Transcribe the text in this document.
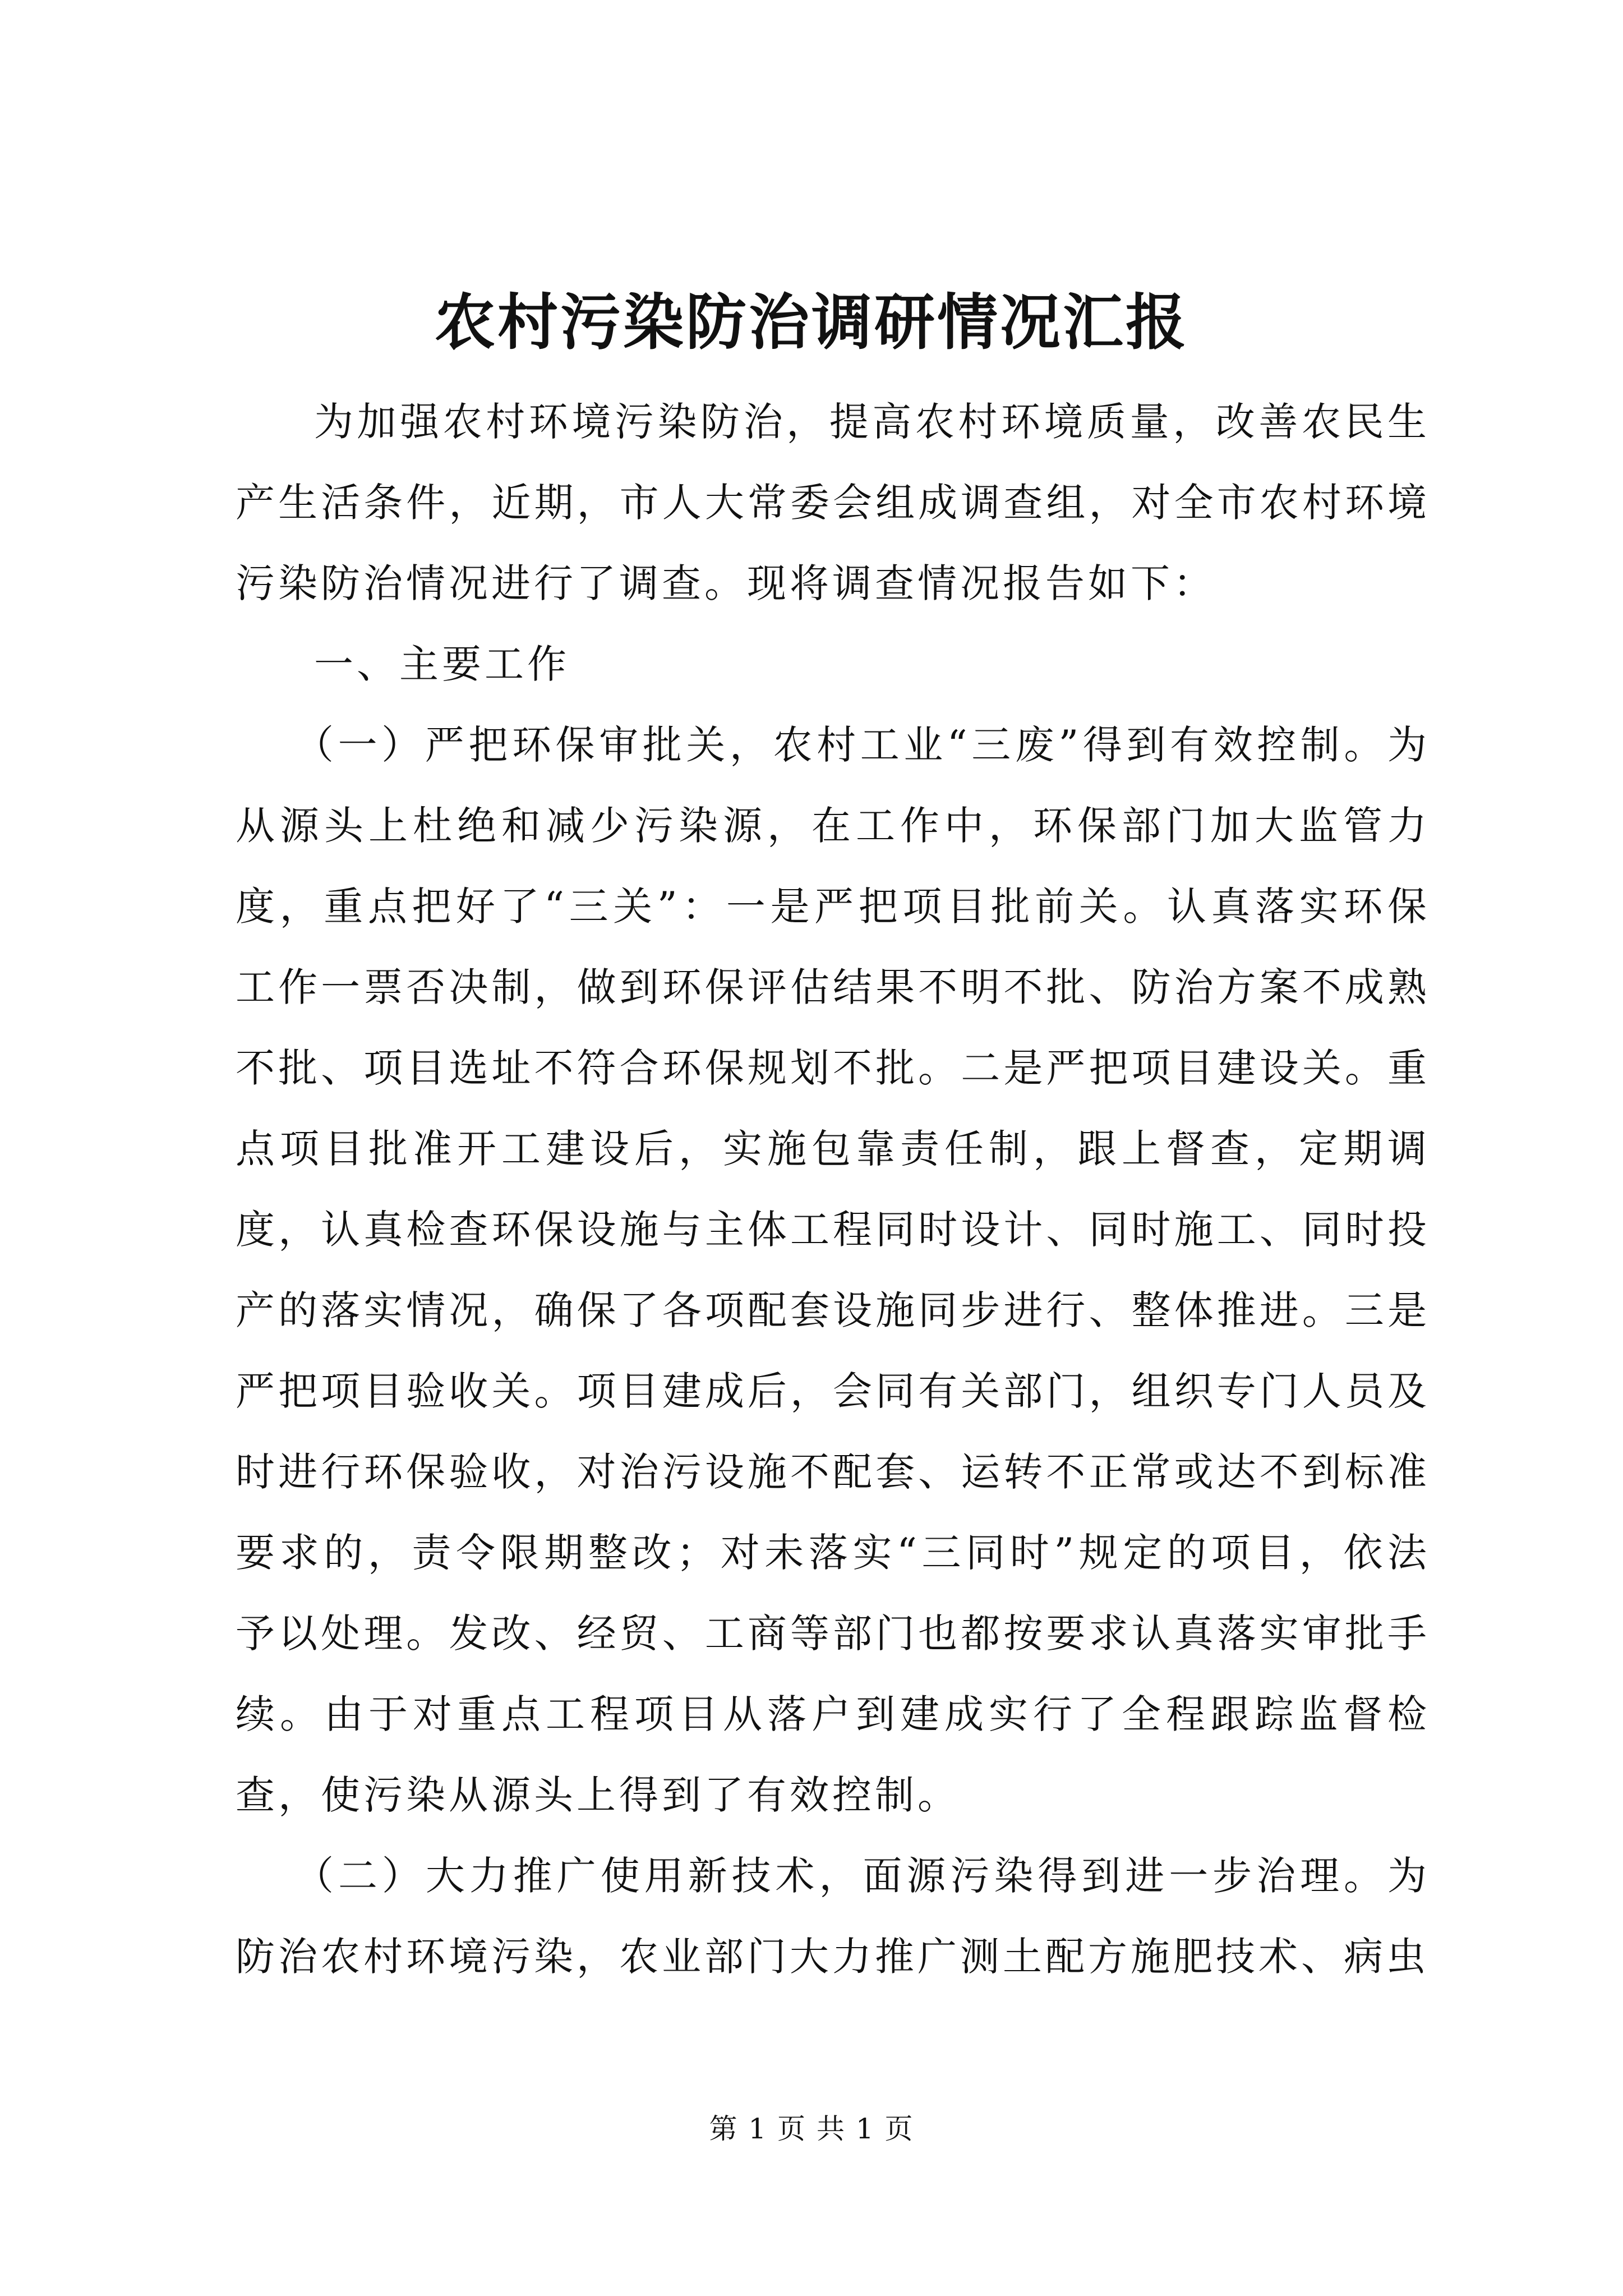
农村污染防治调研情况汇报

为加强农村环境污染防治，提高农村环境质量，改善农民生产生活条件，近期，市人大常委会组成调查组，对全市农村环境污染防治情况进行了调查。现将调查情况报告如下：

一、主要工作

（一）严把环保审批关，农村工业“三废”得到有效控制。为从源头上杜绝和减少污染源，在工作中，环保部门加大监管力度，重点把好了“三关”：一是严把项目批前关。认真落实环保工作一票否决制，做到环保评估结果不明不批、防治方案不成熟不批、项目选址不符合环保规划不批。二是严把项目建设关。重点项目批准开工建设后，实施包靠责任制，跟上督查，定期调度，认真检查环保设施与主体工程同时设计、同时施工、同时投产的落实情况，确保了各项配套设施同步进行、整体推进。三是严把项目验收关。项目建成后，会同有关部门，组织专门人员及时进行环保验收，对治污设施不配套、运转不正常或达不到标准要求的，责令限期整改；对未落实“三同时”规定的项目，依法予以处理。发改、经贸、工商等部门也都按要求认真落实审批手续。由于对重点工程项目从落户到建成实行了全程跟踪监督检查，使污染从源头上得到了有效控制。

（二）大力推广使用新技术，面源污染得到进一步治理。为防治农村环境污染，农业部门大力推广测土配方施肥技术、病虫

第 1 页 共 1 页
